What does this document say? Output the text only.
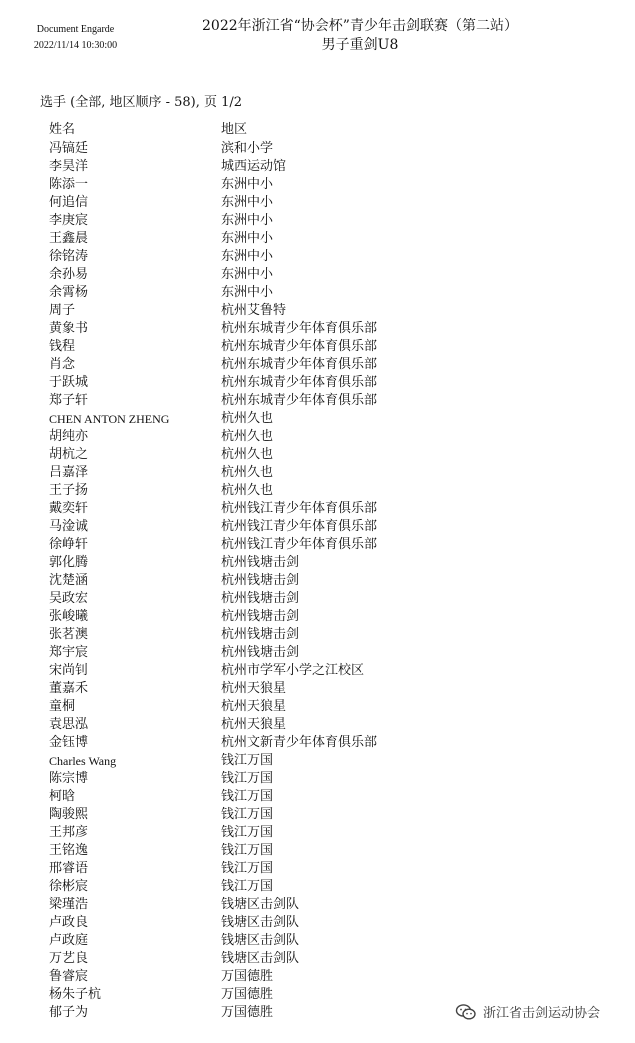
Document Engarde
2022/11/14 10:30:00
2022年浙江省“协会杯”青少年击剑联赛（第二站）
男子重剑U8
选手 (全部, 地区顺序 - 58), 页 1/2
姓名	地区
冯镐廷	滨和小学
李昊洋	城西运动馆
陈添一	东洲中小
何追信	东洲中小
李庚宸	东洲中小
王鑫晨	东洲中小
徐铭涛	东洲中小
余孙易	东洲中小
余霄杨	东洲中小
周子	杭州艾鲁特
黄象书	杭州东城青少年体育俱乐部
钱程	杭州东城青少年体育俱乐部
肖念	杭州东城青少年体育俱乐部
于跃城	杭州东城青少年体育俱乐部
郑子轩	杭州东城青少年体育俱乐部
CHEN ANTON ZHENG	杭州久也
胡纯亦	杭州久也
胡杭之	杭州久也
吕嘉泽	杭州久也
王子扬	杭州久也
戴奕轩	杭州钱江青少年体育俱乐部
马淦诚	杭州钱江青少年体育俱乐部
徐峥轩	杭州钱江青少年体育俱乐部
郭化腾	杭州钱塘击剑
沈楚涵	杭州钱塘击剑
吴政宏	杭州钱塘击剑
张峻曦	杭州钱塘击剑
张茗澳	杭州钱塘击剑
郑宇宸	杭州钱塘击剑
宋尚钊	杭州市学军小学之江校区
董嘉禾	杭州天狼星
童桐	杭州天狼星
袁思泓	杭州天狼星
金钰博	杭州文新青少年体育俱乐部
Charles Wang	钱江万国
陈宗博	钱江万国
柯晗	钱江万国
陶骏熙	钱江万国
王邦彦	钱江万国
王铭逸	钱江万国
邢睿语	钱江万国
徐彬宸	钱江万国
梁瑾浩	钱塘区击剑队
卢政良	钱塘区击剑队
卢政庭	钱塘区击剑队
万艺良	钱塘区击剑队
鲁睿宸	万国德胜
杨朱子杭	万国德胜
郁子为	万国德胜	浙江省击剑运动协会
